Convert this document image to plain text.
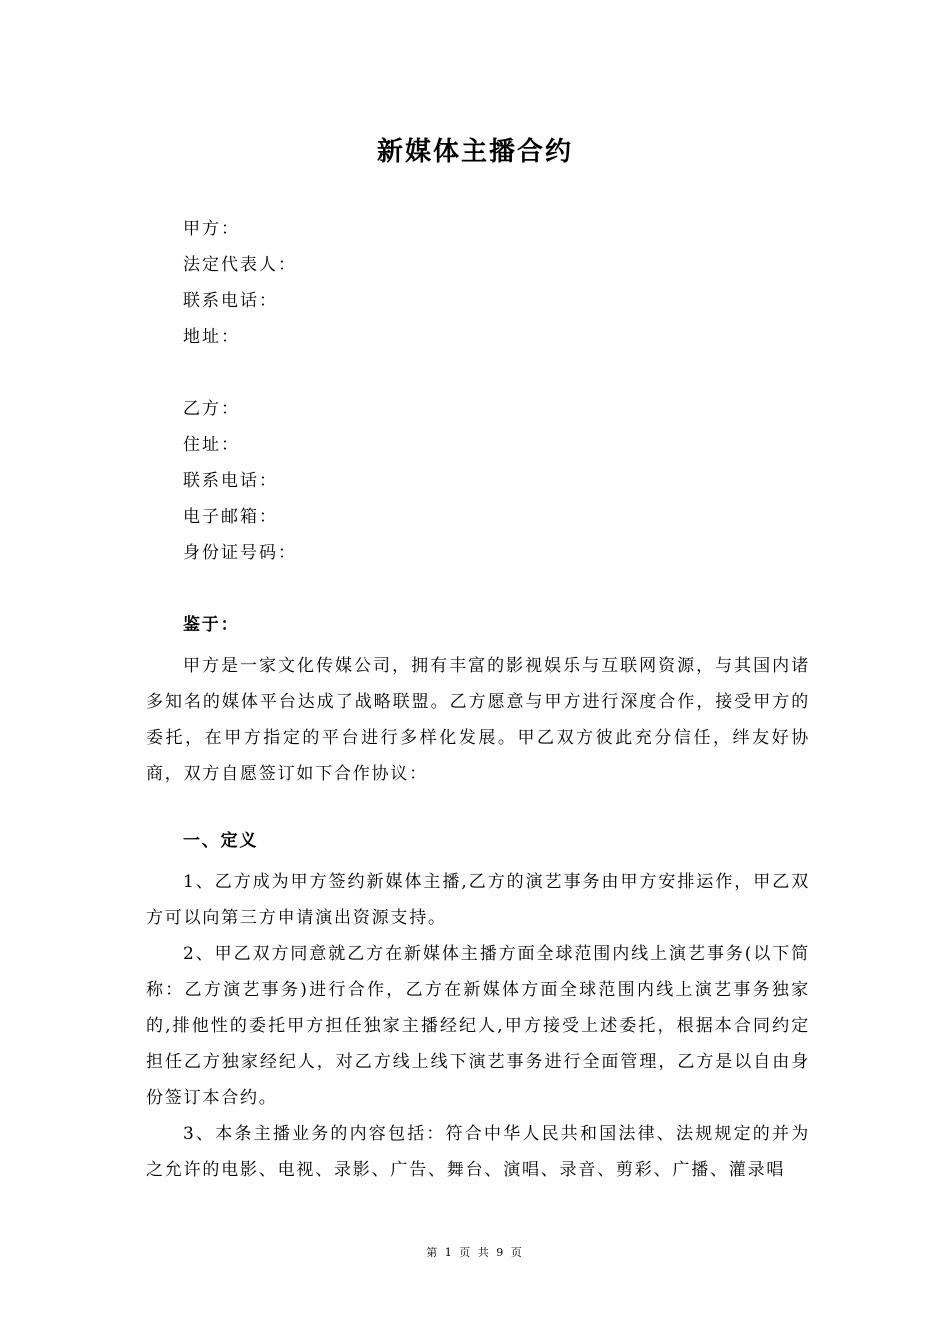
新媒体主播合约
甲方：
法定代表人：
联系电话：
地址：
乙方：
住址：
联系电话：
电子邮箱：
身份证号码：
鉴于：

甲方是一家文化传媒公司，拥有丰富的影视娱乐与互联网资源，与其国内诸多知名的媒体平台达成了战略联盟。乙方愿意与甲方进行深度合作，接受甲方的委托，在甲方指定的平台进行多样化发展。甲乙双方彼此充分信任，绊友好协商，双方自愿签订如下合作协议：

一、定义

1、乙方成为甲方签约新媒体主播,乙方的演艺事务由甲方安排运作，甲乙双方可以向第三方申请演出资源支持。

2、甲乙双方同意就乙方在新媒体主播方面全球范围内线上演艺事务(以下简称：乙方演艺事务)进行合作，乙方在新媒体方面全球范围内线上演艺事务独家的,排他性的委托甲方担任独家主播经纪人,甲方接受上述委托，根据本合同约定担任乙方独家经纪人，对乙方线上线下演艺事务进行全面管理，乙方是以自由身份签订本合约。

3、本条主播业务的内容包括：符合中华人民共和国法律、法规规定的并为之允许的电影、电视、录影、广告、舞台、演唱、录音、剪彩、广播、灌录唱

第 1 页 共 9 页
